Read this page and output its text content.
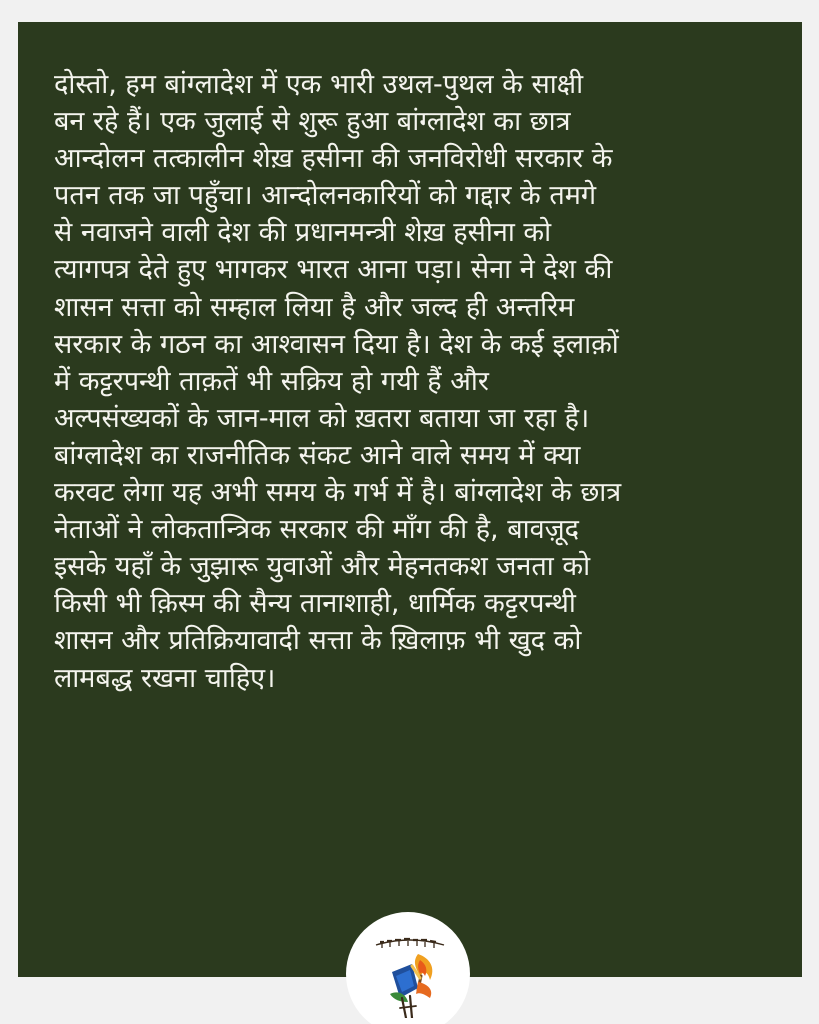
दोस्तो, हम बांग्लादेश में एक भारी उथल-पुथल के साक्षी
बन रहे हैं। एक जुलाई से शुरू हुआ बांग्लादेश का छात्र
आन्दोलन तत्कालीन शेख़ हसीना की जनविरोधी सरकार के
पतन तक जा पहुँचा। आन्दोलनकारियों को गद्दार के तमगे
से नवाजने वाली देश की प्रधानमन्त्री शेख़ हसीना को
त्यागपत्र देते हुए भागकर भारत आना पड़ा। सेना ने देश की
शासन सत्ता को सम्हाल लिया है और जल्द ही अन्तरिम
सरकार के गठन का आश्वासन दिया है। देश के कई इलाक़ों
में कट्टरपन्थी ताक़तें भी सक्रिय हो गयी हैं और
अल्पसंख्यकों के जान-माल को ख़तरा बताया जा रहा है।
बांग्लादेश का राजनीतिक संकट आने वाले समय में क्या
करवट लेगा यह अभी समय के गर्भ में है। बांग्लादेश के छात्र
नेताओं ने लोकतान्त्रिक सरकार की माँग की है, बावज़ूद
इसके यहाँ के जुझारू युवाओं और मेहनतकश जनता को
किसी भी क़िस्म की सैन्य तानाशाही, धार्मिक कट्टरपन्थी
शासन और प्रतिक्रियावादी सत्ता के ख़िलाफ़ भी खुद को
लामबद्ध रखना चाहिए।
